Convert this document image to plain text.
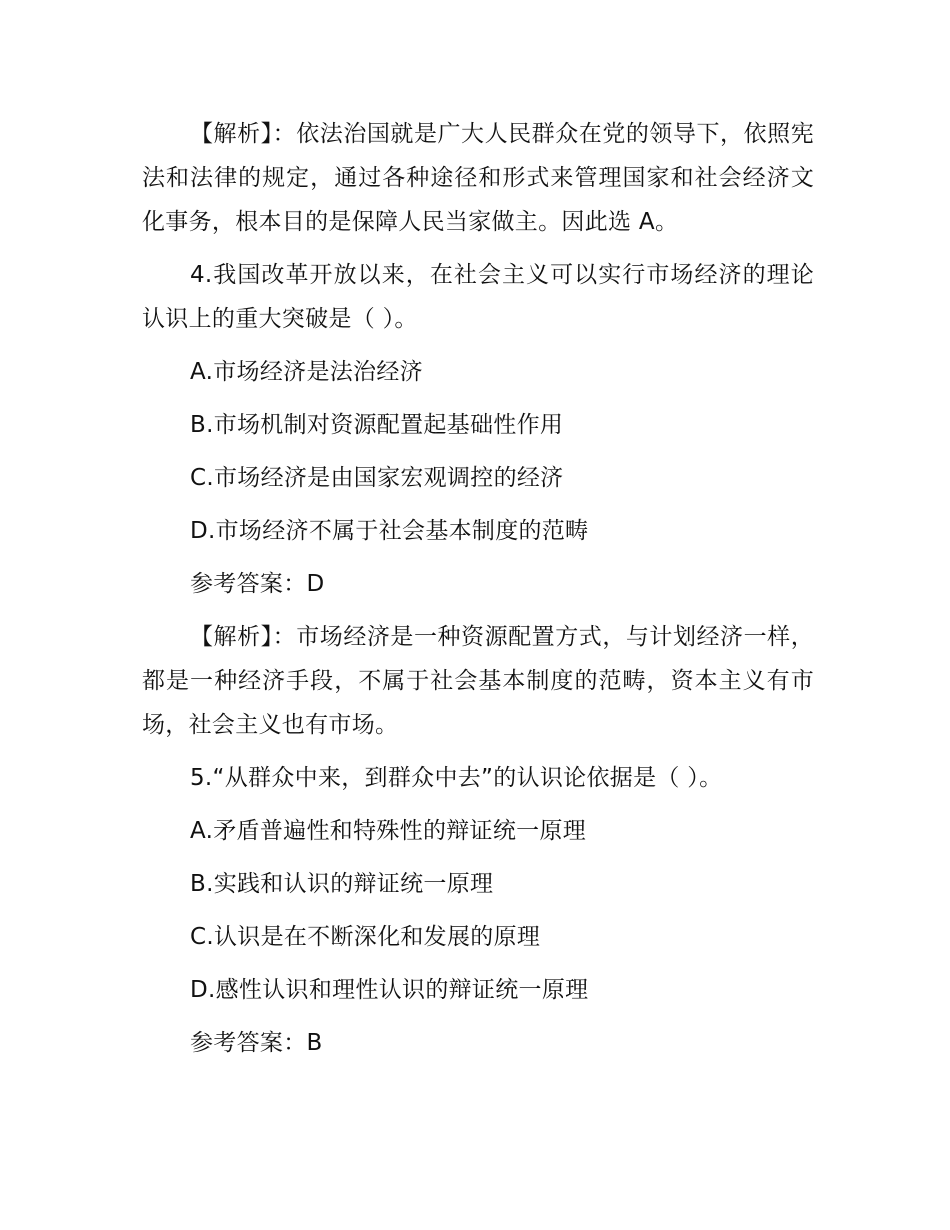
【解析】：依法治国就是广大人民群众在党的领导下，依照宪法和法律的规定，通过各种途径和形式来管理国家和社会经济文化事务，根本目的是保障人民当家做主。因此选 A。

4.我国改革开放以来，在社会主义可以实行市场经济的理论认识上的重大突破是（ ）。

A.市场经济是法治经济

B.市场机制对资源配置起基础性作用

C.市场经济是由国家宏观调控的经济

D.市场经济不属于社会基本制度的范畴

参考答案：D

【解析】：市场经济是一种资源配置方式，与计划经济一样，都是一种经济手段，不属于社会基本制度的范畴，资本主义有市场，社会主义也有市场。

5.“从群众中来，到群众中去”的认识论依据是（ ）。

A.矛盾普遍性和特殊性的辩证统一原理

B.实践和认识的辩证统一原理

C.认识是在不断深化和发展的原理

D.感性认识和理性认识的辩证统一原理

参考答案：B
